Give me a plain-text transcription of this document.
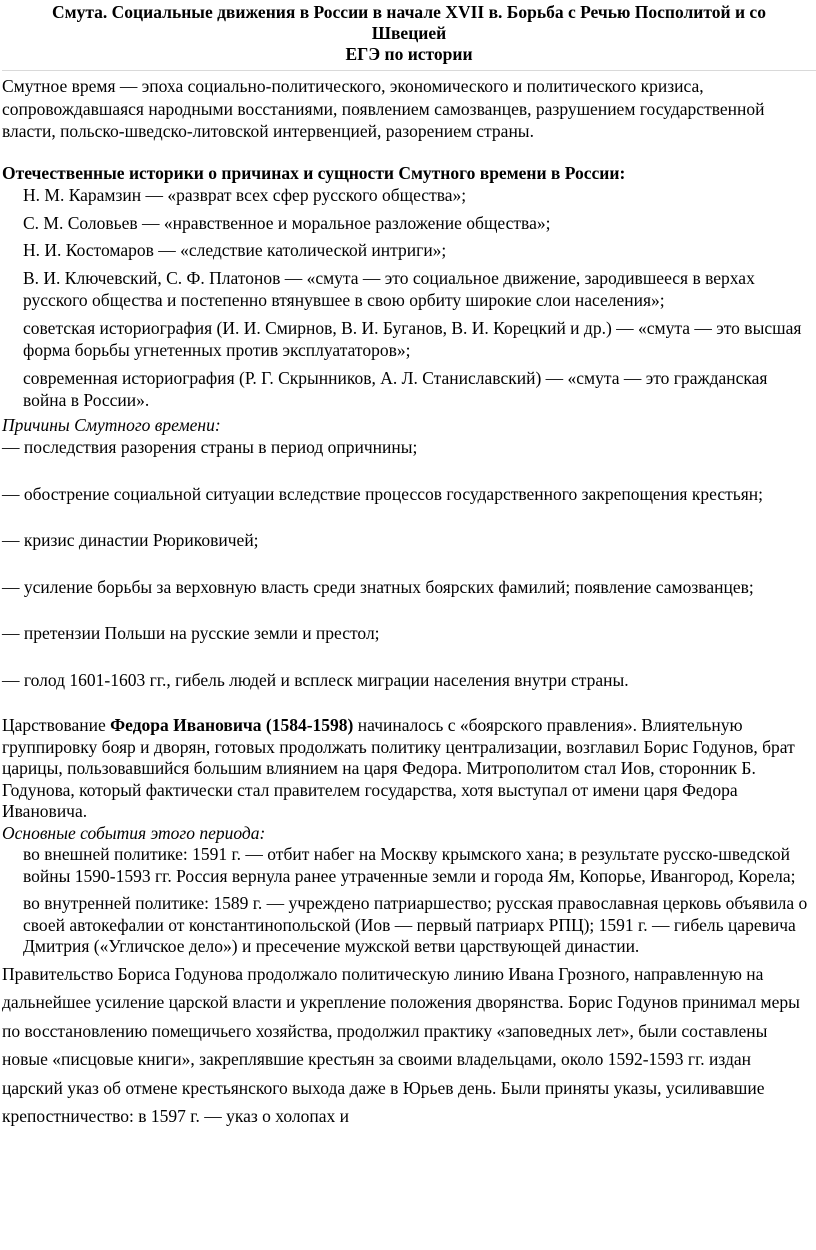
Смута. Социальные движения в России в начале XVII в. Борьба с Речью Посполитой и со
Швецией
ЕГЭ по истории

Смутное время — эпоха социально-политического, экономического и политического кризиса, сопровождавшаяся народными восстаниями, появлением самозванцев, разрушением государственной власти, польско-шведско-литовской интервенцией, разорением страны.

Отечественные историки о причинах и сущности Смутного времени в России:

Н. М. Карамзин — «разврат всех сфер русского общества»;

С. М. Соловьев — «нравственное и моральное разложение общества»;

Н. И. Костомаров — «следствие католической интриги»;

В. И. Ключевский, С. Ф. Платонов — «смута — это социальное движение, зародившееся в верхах русского общества и постепенно втянувшее в свою орбиту широкие слои населения»;

советская историография (И. И. Смирнов, В. И. Буганов, В. И. Корецкий и др.) — «смута — это высшая форма борьбы угнетенных против эксплуататоров»;

современная историография (Р. Г. Скрынников, А. Л. Станиславский) — «смута — это гражданская война в России».

Причины Смутного времени:

— последствия разорения страны в период опричнины;

— обострение социальной ситуации вследствие процессов государственного закрепощения крестьян;

— кризис династии Рюриковичей;

— усиление борьбы за верховную власть среди знатных боярских фамилий; появление самозванцев;

— претензии Польши на русские земли и престол;

— голод 1601-1603 гг., гибель людей и всплеск миграции населения внутри страны.

Царствование Федора Ивановича (1584-1598) начиналось с «боярского правления». Влиятельную группировку бояр и дворян, готовых продолжать политику централизации, возглавил Борис Годунов, брат царицы, пользовавшийся большим влиянием на царя Федора. Митрополитом стал Иов, сторонник Б. Годунова, который фактически стал правителем государства, хотя выступал от имени царя Федора Ивановича.

Основные события этого периода:

во внешней политике: 1591 г. — отбит набег на Москву крымского хана; в результате русско-шведской войны 1590-1593 гг. Россия вернула ранее утраченные земли и города Ям, Копорье, Ивангород, Корела;

во внутренней политике: 1589 г. — учреждено патриаршество; русская православная церковь объявила о своей автокефалии от константинопольской (Иов — первый патриарх РПЦ); 1591 г. — гибель царевича Дмитрия («Угличское дело») и пресечение мужской ветви царствующей династии.

Правительство Бориса Годунова продолжало политическую линию Ивана Грозного, направленную на дальнейшее усиление царской власти и укрепление положения дворянства. Борис Годунов принимал меры по восстановлению помещичьего хозяйства, продолжил практику «заповедных лет», были составлены новые «писцовые книги», закреплявшие крестьян за своими владельцами, около 1592-1593 гг. издан царский указ об отмене крестьянского выхода даже в Юрьев день. Были приняты указы, усиливавшие крепостничество: в 1597 г. — указ о холопах и
